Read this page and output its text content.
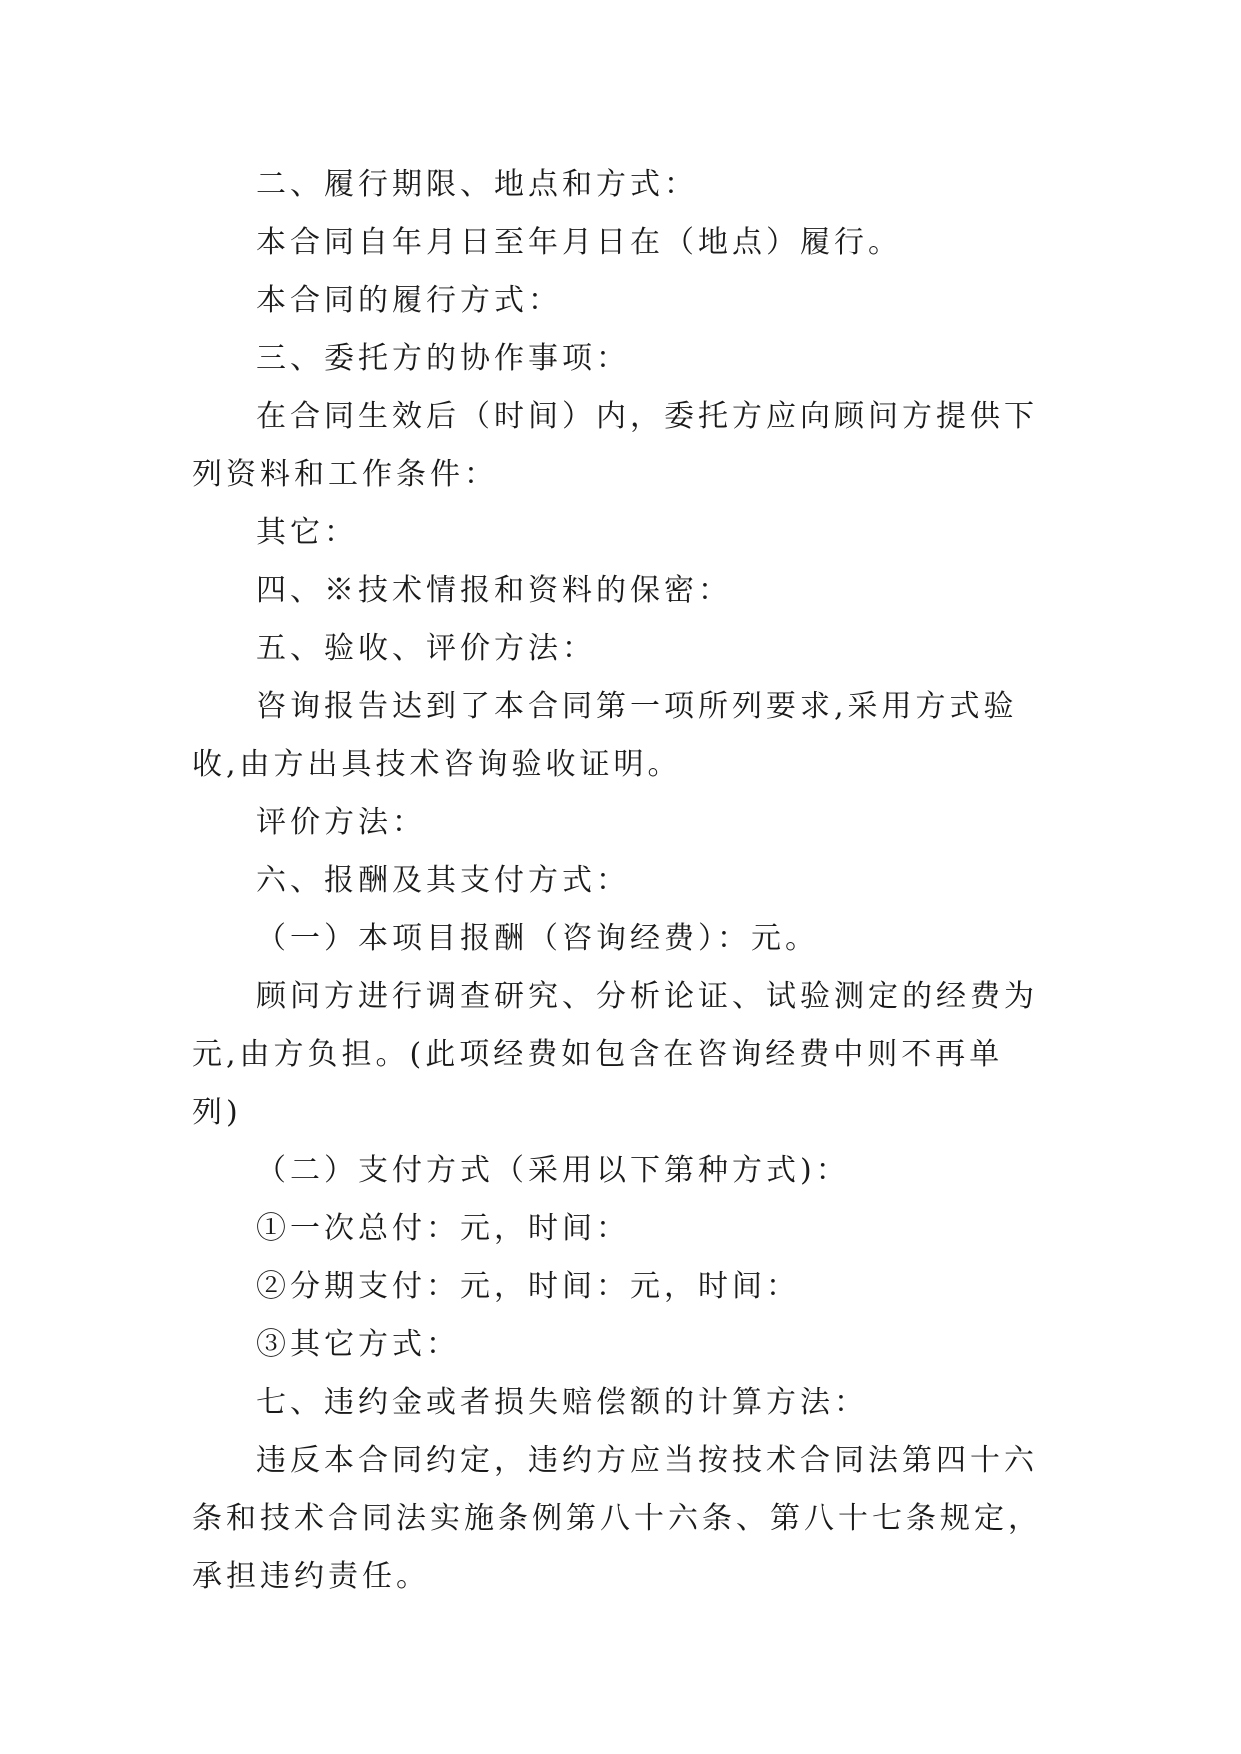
二、履行期限、地点和方式：

本合同自年月日至年月日在（地点）履行。

本合同的履行方式：

三、委托方的协作事项：

在合同生效后（时间）内，委托方应向顾问方提供下列资料和工作条件：

其它：

四、※技术情报和资料的保密：

五、验收、评价方法：

咨询报告达到了本合同第一项所列要求,采用方式验收,由方出具技术咨询验收证明。

评价方法：

六、报酬及其支付方式：

（一）本项目报酬（咨询经费）：元。

顾问方进行调查研究、分析论证、试验测定的经费为元,由方负担。(此项经费如包含在咨询经费中则不再单列)

（二）支付方式（采用以下第种方式)：

①一次总付：元，时间：

②分期支付：元，时间：元，时间：

③其它方式：

七、违约金或者损失赔偿额的计算方法：

违反本合同约定，违约方应当按技术合同法第四十六条和技术合同法实施条例第八十六条、第八十七条规定，承担违约责任。
